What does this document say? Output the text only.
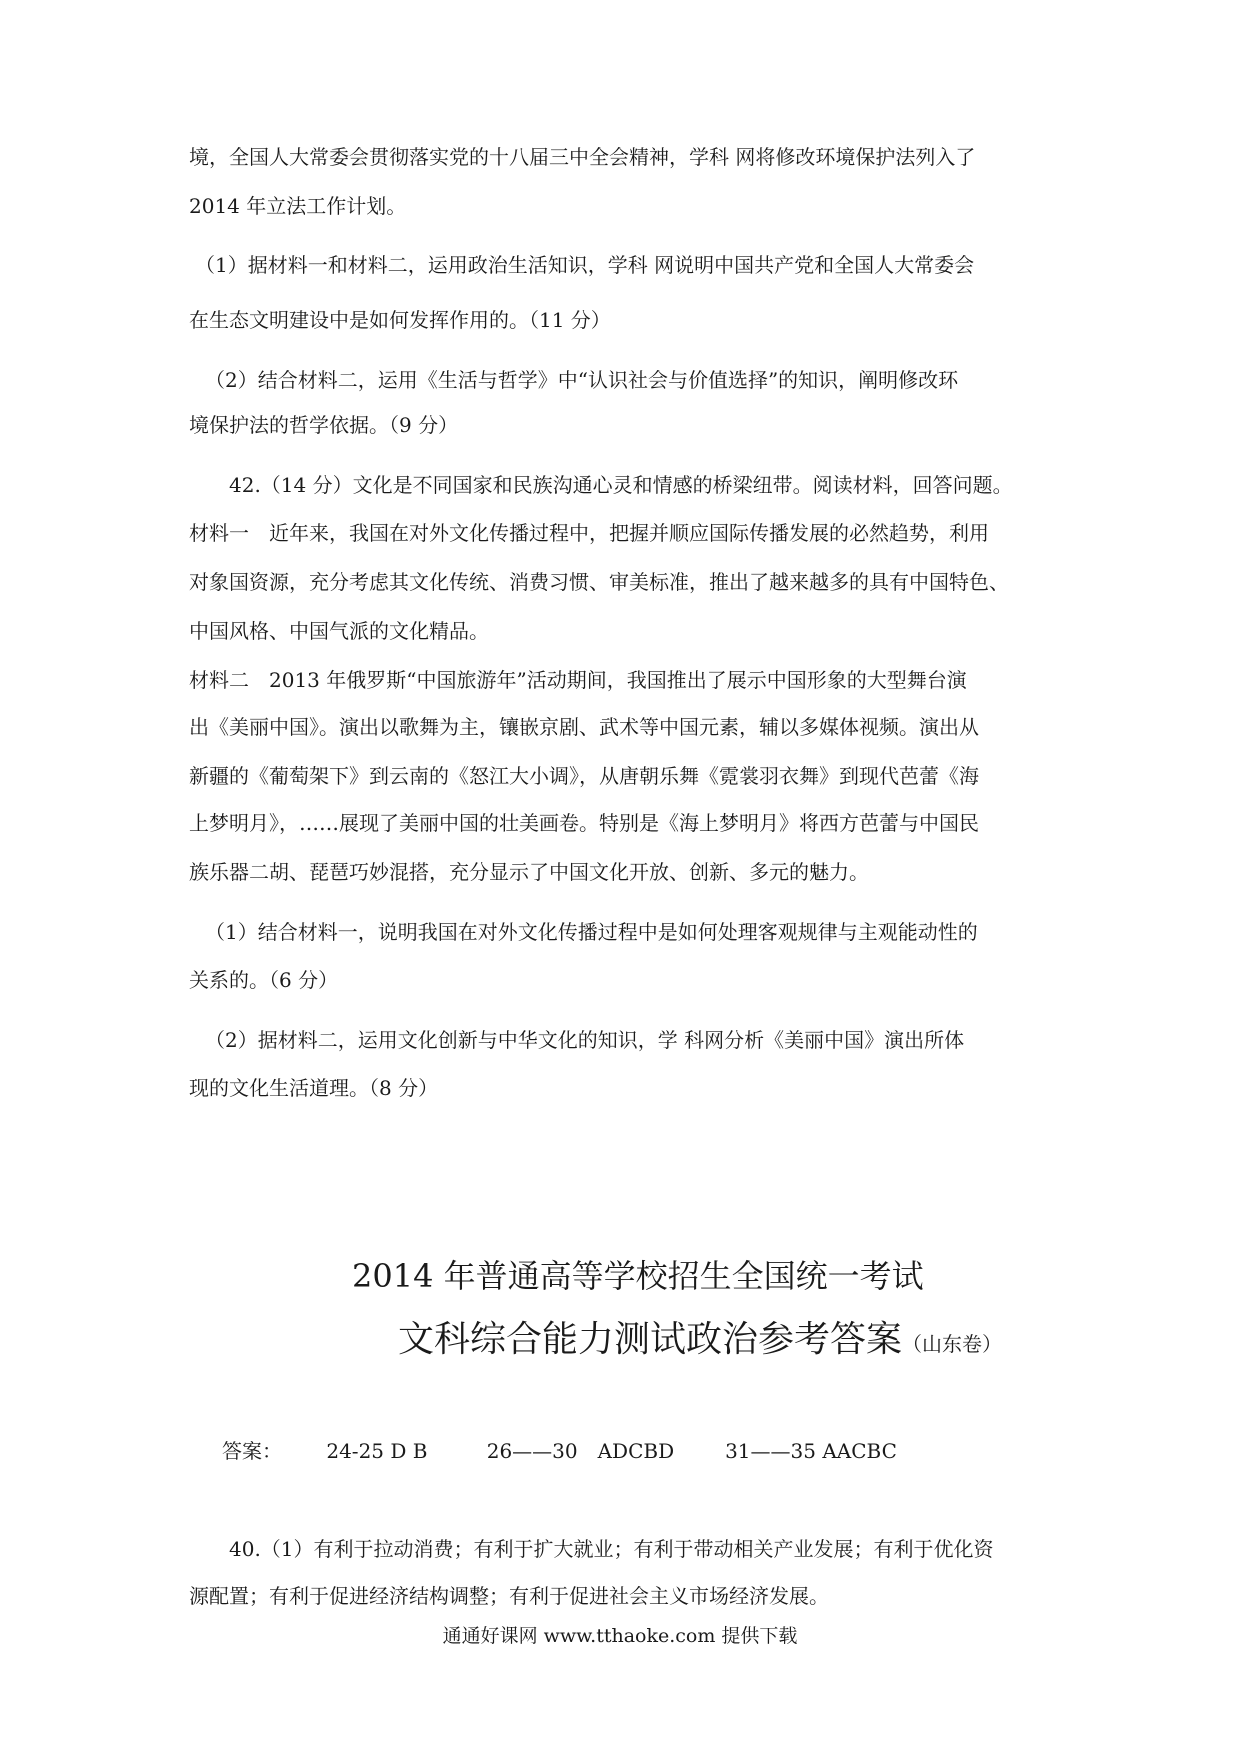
境，全国人大常委会贯彻落实党的十八届三中全会精神，学科 网将修改环境保护法列入了
2014 年立法工作计划。
（1）据材料一和材料二，运用政治生活知识，学科 网说明中国共产党和全国人大常委会
在生态文明建设中是如何发挥作用的。（11 分）
（2）结合材料二，运用《生活与哲学》中“认识社会与价值选择”的知识，阐明修改环
境保护法的哲学依据。（9 分）
42.（14 分）文化是不同国家和民族沟通心灵和情感的桥梁纽带。阅读材料，回答问题。
材料一　近年来，我国在对外文化传播过程中，把握并顺应国际传播发展的必然趋势，利用
对象国资源，充分考虑其文化传统、消费习惯、审美标准，推出了越来越多的具有中国特色、
中国风格、中国气派的文化精品。
材料二　2013 年俄罗斯“中国旅游年”活动期间，我国推出了展示中国形象的大型舞台演
出《美丽中国》。演出以歌舞为主，镶嵌京剧、武术等中国元素，辅以多媒体视频。演出从
新疆的《葡萄架下》到云南的《怒江大小调》，从唐朝乐舞《霓裳羽衣舞》到现代芭蕾《海
上梦明月》，……展现了美丽中国的壮美画卷。特别是《海上梦明月》将西方芭蕾与中国民
族乐器二胡、琵琶巧妙混搭，充分显示了中国文化开放、创新、多元的魅力。
（1）结合材料一，说明我国在对外文化传播过程中是如何处理客观规律与主观能动性的
关系的。（6 分）
（2）据材料二，运用文化创新与中华文化的知识，学 科网分析《美丽中国》演出所体
现的文化生活道理。（8 分）
2014 年普通高等学校招生全国统一考试
文科综合能力测试政治参考答案（山东卷）
答案： 24-25 D B	26——30　ADCBD	31——35 AACBC
40.（1）有利于拉动消费；有利于扩大就业；有利于带动相关产业发展；有利于优化资
源配置；有利于促进经济结构调整；有利于促进社会主义市场经济发展。
通通好课网 www.tthaoke.com 提供下载
